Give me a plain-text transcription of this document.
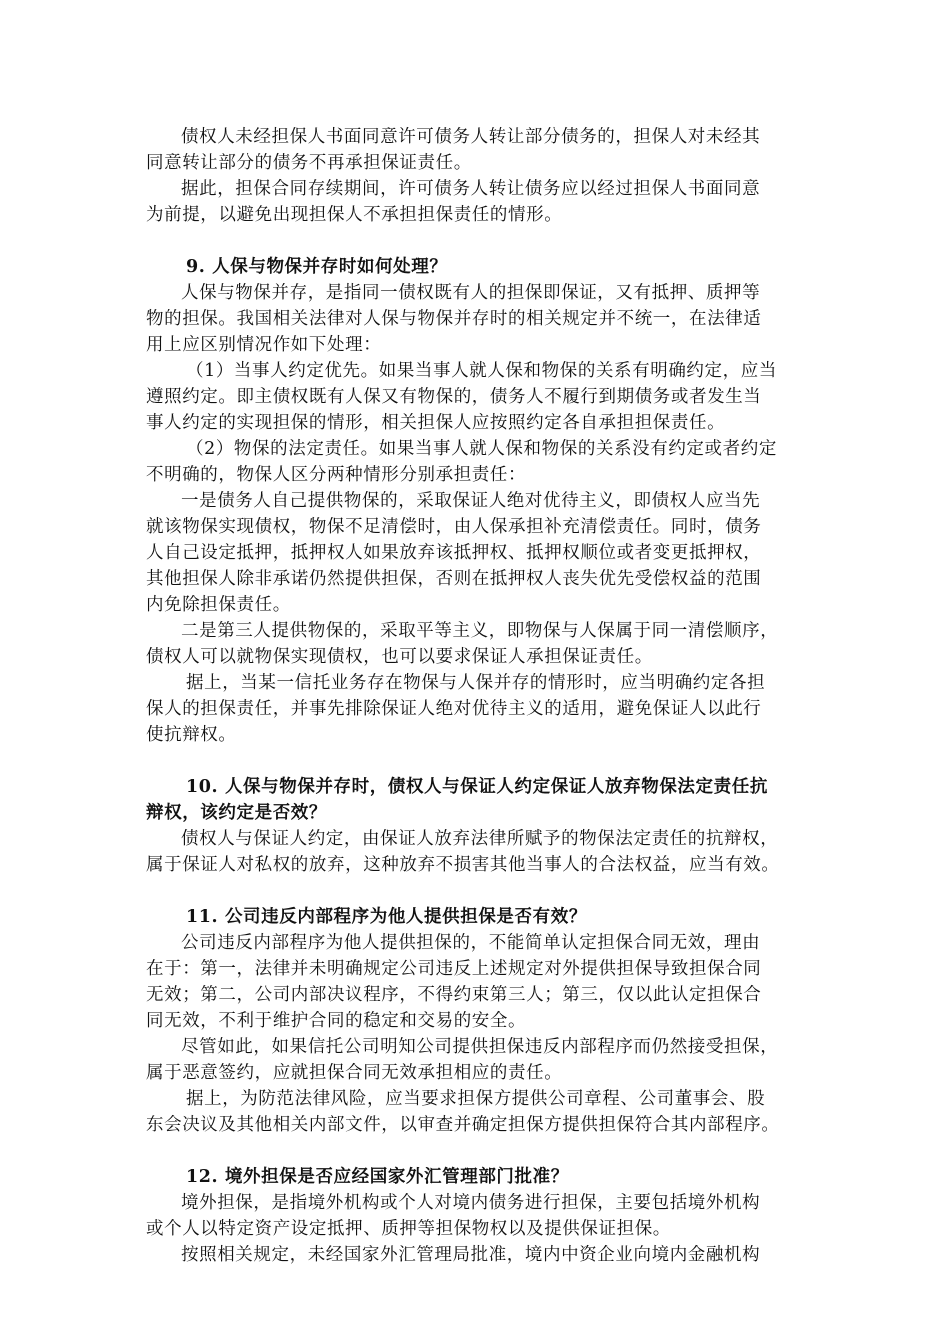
债权人未经担保人书面同意许可债务人转让部分债务的，担保人对未经其

同意转让部分的债务不再承担保证责任。

据此，担保合同存续期间，许可债务人转让债务应以经过担保人书面同意

为前提，以避免出现担保人不承担担保责任的情形。

9. 人保与物保并存时如何处理？

人保与物保并存，是指同一债权既有人的担保即保证，又有抵押、质押等

物的担保。我国相关法律对人保与物保并存时的相关规定并不统一，在法律适

用上应区别情况作如下处理：

（1）当事人约定优先。如果当事人就人保和物保的关系有明确约定，应当

遵照约定。即主债权既有人保又有物保的，债务人不履行到期债务或者发生当

事人约定的实现担保的情形，相关担保人应按照约定各自承担担保责任。

（2）物保的法定责任。如果当事人就人保和物保的关系没有约定或者约定

不明确的，物保人区分两种情形分别承担责任：

一是债务人自己提供物保的，采取保证人绝对优待主义，即债权人应当先

就该物保实现债权，物保不足清偿时，由人保承担补充清偿责任。同时，债务

人自己设定抵押，抵押权人如果放弃该抵押权、抵押权顺位或者变更抵押权，

其他担保人除非承诺仍然提供担保，否则在抵押权人丧失优先受偿权益的范围

内免除担保责任。

二是第三人提供物保的，采取平等主义，即物保与人保属于同一清偿顺序，

债权人可以就物保实现债权，也可以要求保证人承担保证责任。

据上，当某一信托业务存在物保与人保并存的情形时，应当明确约定各担

保人的担保责任，并事先排除保证人绝对优待主义的适用，避免保证人以此行

使抗辩权。

10. 人保与物保并存时，债权人与保证人约定保证人放弃物保法定责任抗

辩权，该约定是否效？

债权人与保证人约定，由保证人放弃法律所赋予的物保法定责任的抗辩权，

属于保证人对私权的放弃，这种放弃不损害其他当事人的合法权益，应当有效。

11. 公司违反内部程序为他人提供担保是否有效？

公司违反内部程序为他人提供担保的，不能简单认定担保合同无效，理由

在于：第一，法律并未明确规定公司违反上述规定对外提供担保导致担保合同

无效；第二，公司内部决议程序，不得约束第三人；第三，仅以此认定担保合

同无效，不利于维护合同的稳定和交易的安全。

尽管如此，如果信托公司明知公司提供担保违反内部程序而仍然接受担保，

属于恶意签约，应就担保合同无效承担相应的责任。

据上，为防范法律风险，应当要求担保方提供公司章程、公司董事会、股

东会决议及其他相关内部文件，以审查并确定担保方提供担保符合其内部程序。

12. 境外担保是否应经国家外汇管理部门批准？

境外担保，是指境外机构或个人对境内债务进行担保，主要包括境外机构

或个人以特定资产设定抵押、质押等担保物权以及提供保证担保。

按照相关规定，未经国家外汇管理局批准，境内中资企业向境内金融机构
